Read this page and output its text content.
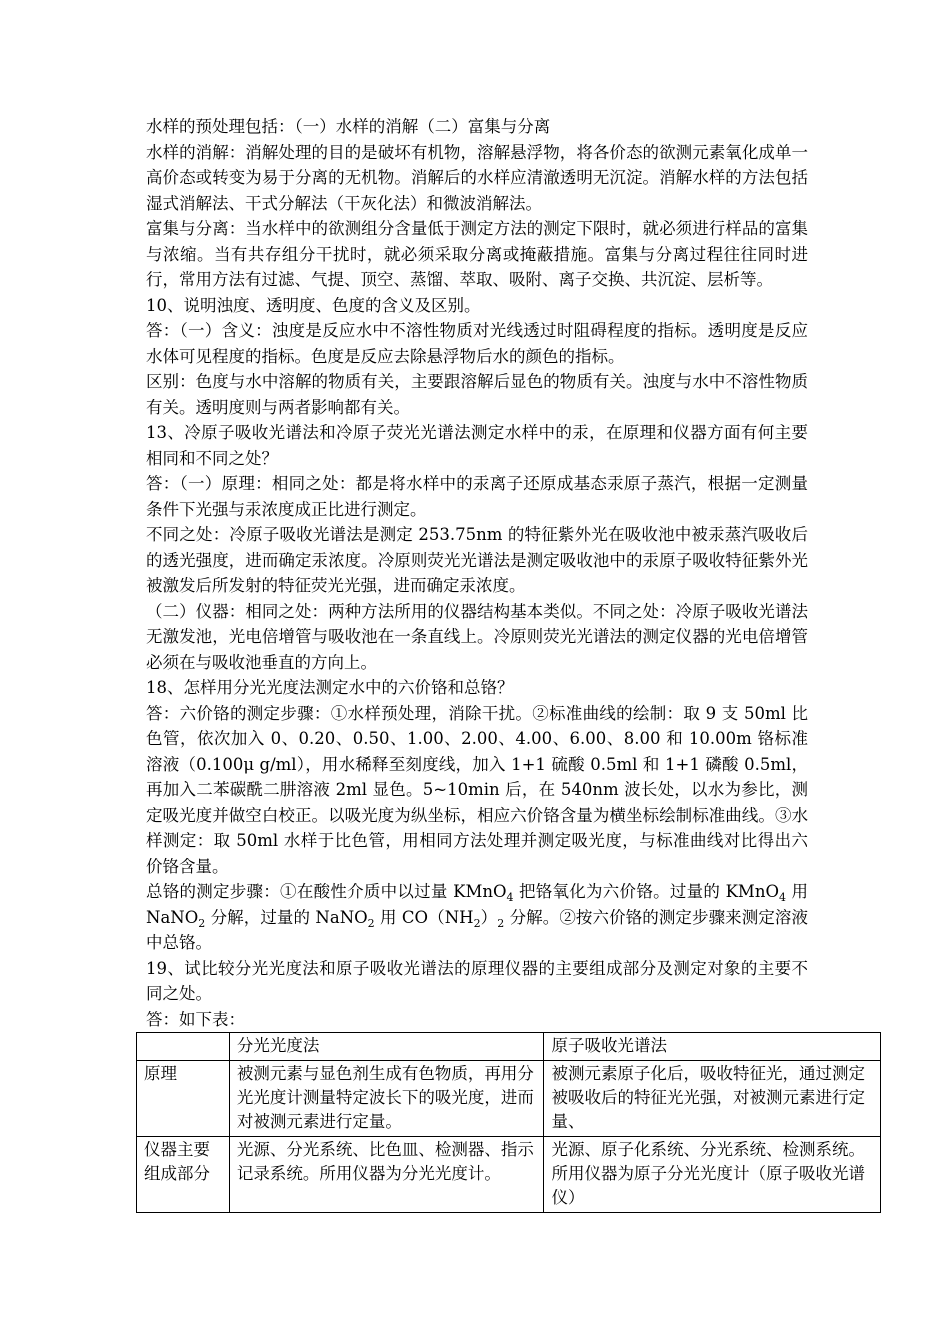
水样的预处理包括：（一）水样的消解（二）富集与分离

水样的消解：消解处理的目的是破坏有机物，溶解悬浮物，将各价态的欲测元素氧化成单一高价态或转变为易于分离的无机物。消解后的水样应清澈透明无沉淀。消解水样的方法包括湿式消解法、干式分解法（干灰化法）和微波消解法。

富集与分离：当水样中的欲测组分含量低于测定方法的测定下限时，就必须进行样品的富集与浓缩。当有共存组分干扰时，就必须采取分离或掩蔽措施。富集与分离过程往往同时进行，常用方法有过滤、气提、顶空、蒸馏、萃取、吸附、离子交换、共沉淀、层析等。

10、说明浊度、透明度、色度的含义及区别。

答：（一）含义：浊度是反应水中不溶性物质对光线透过时阻碍程度的指标。透明度是反应水体可见程度的指标。色度是反应去除悬浮物后水的颜色的指标。

区别：色度与水中溶解的物质有关，主要跟溶解后显色的物质有关。浊度与水中不溶性物质有关。透明度则与两者影响都有关。

13、冷原子吸收光谱法和冷原子荧光光谱法测定水样中的汞，在原理和仪器方面有何主要相同和不同之处？

答：（一）原理：相同之处：都是将水样中的汞离子还原成基态汞原子蒸汽，根据一定测量条件下光强与汞浓度成正比进行测定。

不同之处：冷原子吸收光谱法是测定 253.75nm 的特征紫外光在吸收池中被汞蒸汽吸收后的透光强度，进而确定汞浓度。冷原则荧光光谱法是测定吸收池中的汞原子吸收特征紫外光被激发后所发射的特征荧光光强，进而确定汞浓度。

（二）仪器：相同之处：两种方法所用的仪器结构基本类似。不同之处：冷原子吸收光谱法无激发池，光电倍增管与吸收池在一条直线上。冷原则荧光光谱法的测定仪器的光电倍增管必须在与吸收池垂直的方向上。

18、怎样用分光光度法测定水中的六价铬和总铬？

答：六价铬的测定步骤：①水样预处理，消除干扰。②标准曲线的绘制：取 9 支 50ml 比色管，依次加入 0、0.20、0.50、1.00、2.00、4.00、6.00、8.00 和 10.00m 铬标准溶液（0.100μ g/ml），用水稀释至刻度线，加入 1+1 硫酸 0.5ml 和 1+1 磷酸 0.5ml，再加入二苯碳酰二肼溶液 2ml 显色。5~10min 后，在 540nm 波长处，以水为参比，测定吸光度并做空白校正。以吸光度为纵坐标，相应六价铬含量为横坐标绘制标准曲线。③水样测定：取 50ml 水样于比色管，用相同方法处理并测定吸光度，与标准曲线对比得出六价铬含量。

总铬的测定步骤：①在酸性介质中以过量 KMnO$_4$ 把铬氧化为六价铬。过量的 KMnO$_4$ 用 NaNO$_2$ 分解，过量的 NaNO$_2$ 用 $CO(NH_2)_2$ 分解。②按六价铬的测定步骤来测定溶液中总铬。

19、试比较分光光度法和原子吸收光谱法的原理仪器的主要组成部分及测定对象的主要不同之处。

答：如下表：

	分光光度法	原子吸收光谱法
原理	被测元素与显色剂生成有色物质，再用分光光度计测量特定波长下的吸光度，进而对被测元素进行定量。	被测元素原子化后，吸收特征光，通过测定被吸收后的特征光光强，对被测元素进行定量、
仪器主要组成部分	光源、分光系统、比色皿、检测器、指示记录系统。所用仪器为分光光度计。	光源、原子化系统、分光系统、检测系统。所用仪器为原子分光光度计（原子吸收光谱仪）
